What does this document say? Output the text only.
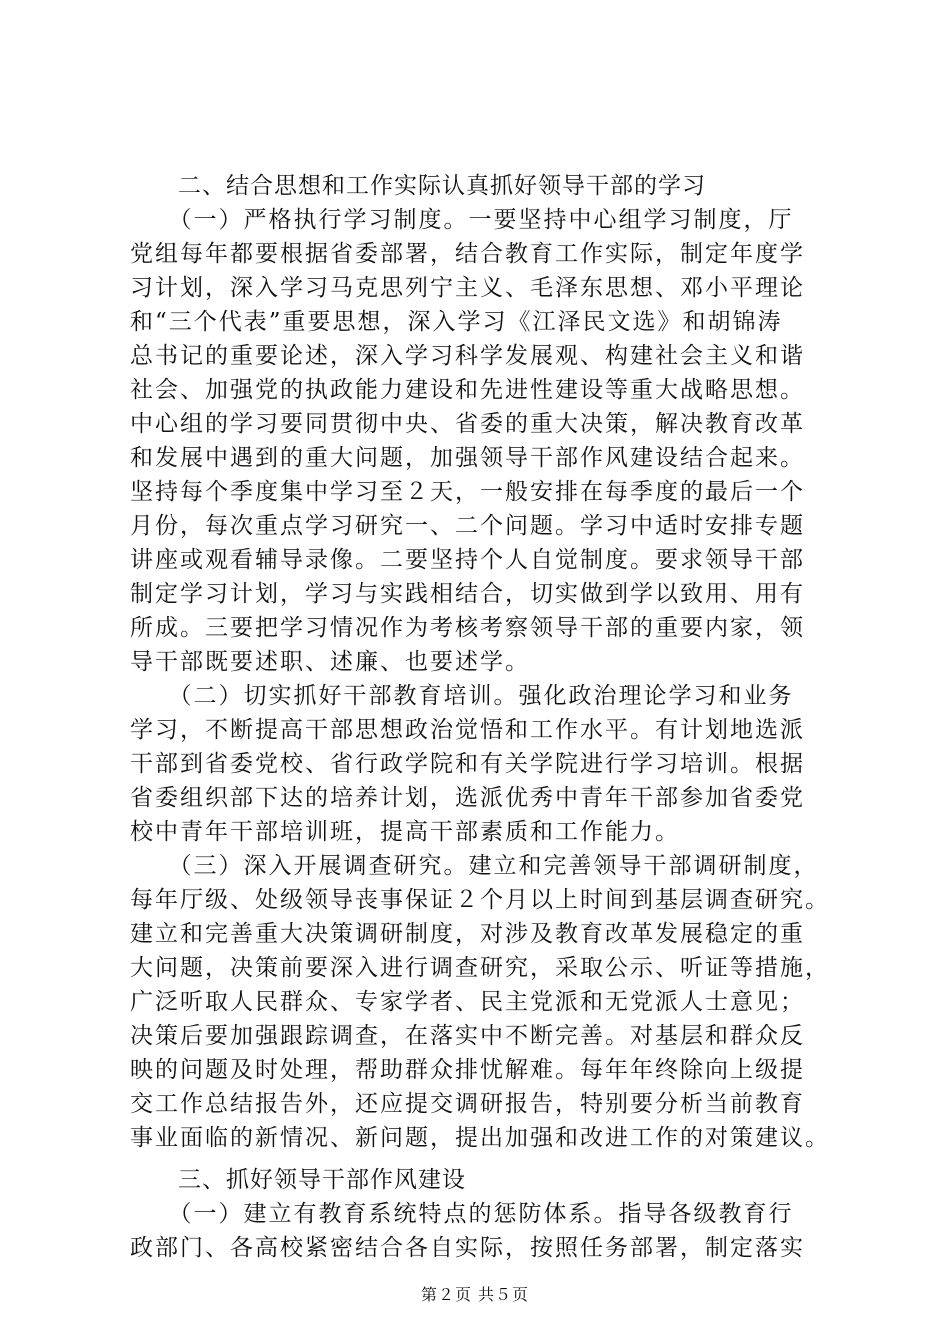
　　二、结合思想和工作实际认真抓好领导干部的学习
　　（一）严格执行学习制度。一要坚持中心组学习制度，厅
党组每年都要根据省委部署，结合教育工作实际，制定年度学
习计划，深入学习马克思列宁主义、毛泽东思想、邓小平理论
和“三个代表”重要思想，深入学习《江泽民文选》和胡锦涛
总书记的重要论述，深入学习科学发展观、构建社会主义和谐
社会、加强党的执政能力建设和先进性建设等重大战略思想。
中心组的学习要同贯彻中央、省委的重大决策，解决教育改革
和发展中遇到的重大问题，加强领导干部作风建设结合起来。
坚持每个季度集中学习至２天，一般安排在每季度的最后一个
月份，每次重点学习研究一、二个问题。学习中适时安排专题
讲座或观看辅导录像。二要坚持个人自觉制度。要求领导干部
制定学习计划，学习与实践相结合，切实做到学以致用、用有
所成。三要把学习情况作为考核考察领导干部的重要内家，领
导干部既要述职、述廉、也要述学。
　　（二）切实抓好干部教育培训。强化政治理论学习和业务
学习，不断提高干部思想政治觉悟和工作水平。有计划地选派
干部到省委党校、省行政学院和有关学院进行学习培训。根据
省委组织部下达的培养计划，选派优秀中青年干部参加省委党
校中青年干部培训班，提高干部素质和工作能力。
　　（三）深入开展调查研究。建立和完善领导干部调研制度，
每年厅级、处级领导丧事保证２个月以上时间到基层调查研究。
建立和完善重大决策调研制度，对涉及教育改革发展稳定的重
大问题，决策前要深入进行调查研究，采取公示、听证等措施，
广泛听取人民群众、专家学者、民主党派和无党派人士意见；
决策后要加强跟踪调查，在落实中不断完善。对基层和群众反
映的问题及时处理，帮助群众排忧解难。每年年终除向上级提
交工作总结报告外，还应提交调研报告，特别要分析当前教育
事业面临的新情况、新问题，提出加强和改进工作的对策建议。
　　三、抓好领导干部作风建设
　　（一）建立有教育系统特点的惩防体系。指导各级教育行
政部门、各高校紧密结合各自实际，按照任务部署，制定落实
第２页 共５页
